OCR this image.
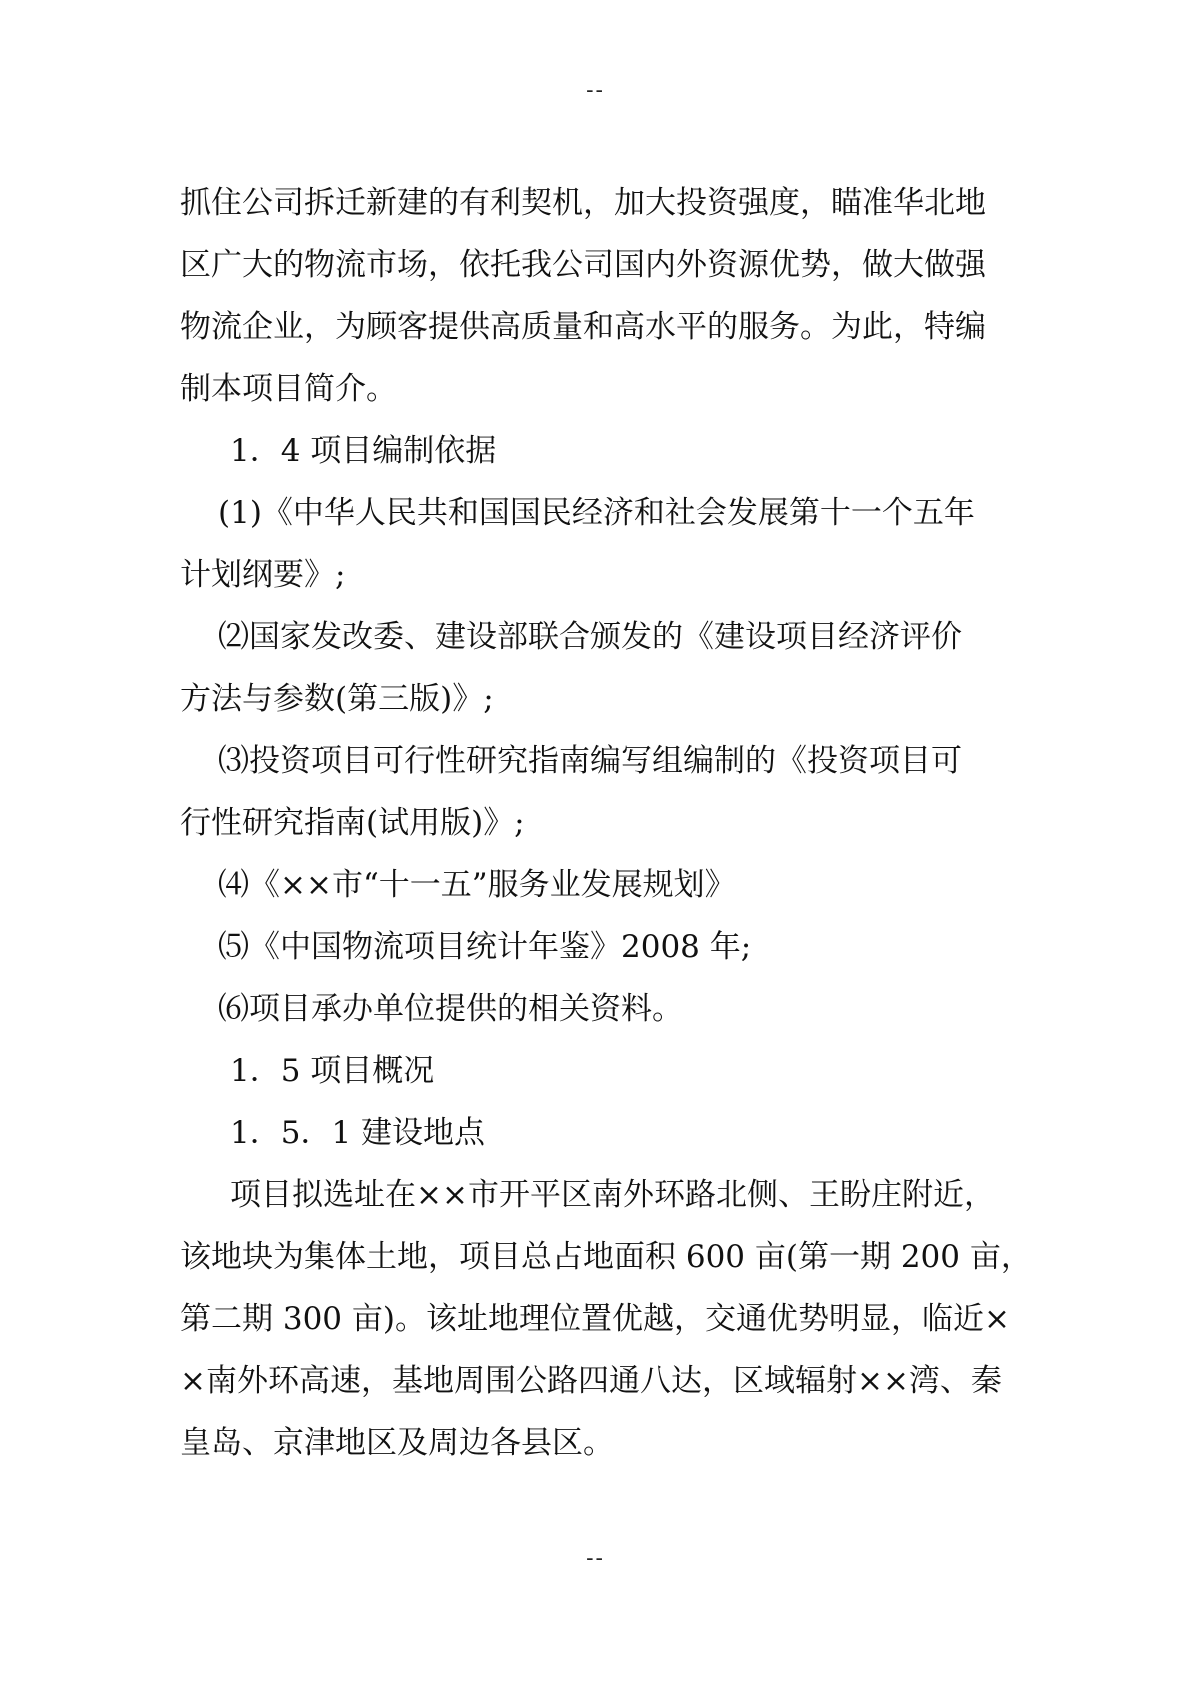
--
抓住公司拆迁新建的有利契机，加大投资强度，瞄准华北地
区广大的物流市场，依托我公司国内外资源优势，做大做强
物流企业，为顾客提供高质量和高水平的服务。为此，特编
制本项目简介。
1．4 项目编制依据
(1)《中华人民共和国国民经济和社会发展第十一个五年
计划纲要》;
⑵国家发改委、建设部联合颁发的《建设项目经济评价
方法与参数(第三版)》;
⑶投资项目可行性研究指南编写组编制的《投资项目可
行性研究指南(试用版)》;
⑷《××市“十一五”服务业发展规划》
⑸《中国物流项目统计年鉴》2008 年;
⑹项目承办单位提供的相关资料。
1．5 项目概况
1．5．1 建设地点
项目拟选址在××市开平区南外环路北侧、王盼庄附近，
该地块为集体土地，项目总占地面积 600 亩(第一期 200 亩，
第二期 300 亩)。该址地理位置优越，交通优势明显，临近×
×南外环高速，基地周围公路四通八达，区域辐射××湾、秦
皇岛、京津地区及周边各县区。
--
